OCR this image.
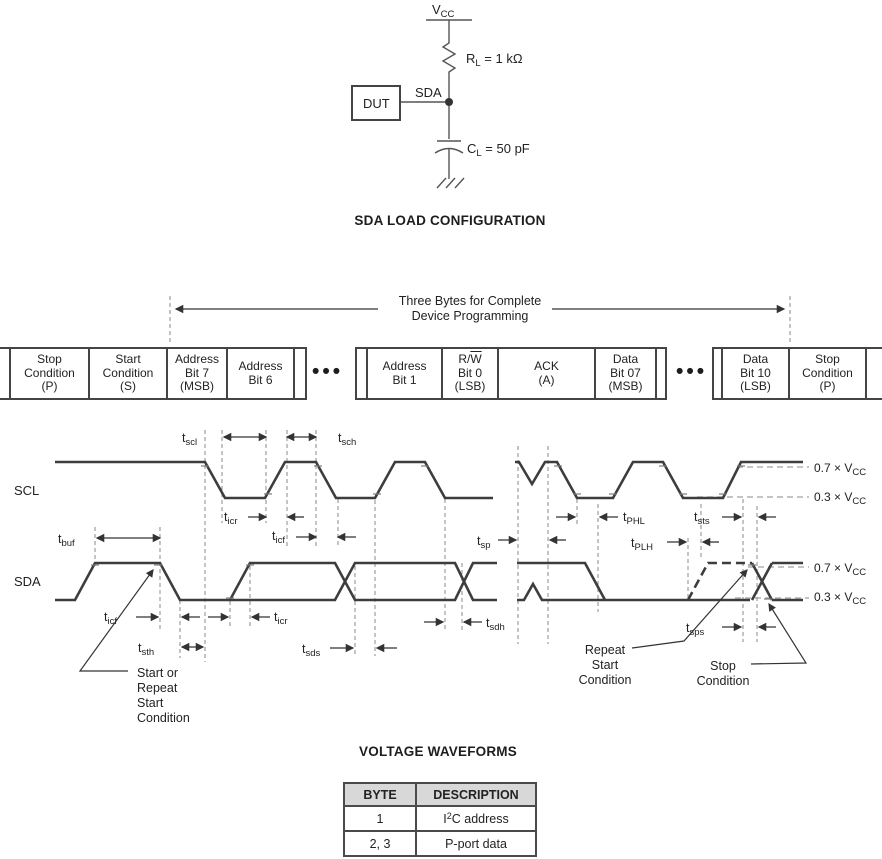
$V_{CC}$
$R_L = 1$ kΩ
SDA
DUT
$C_L = 50$ pF
SCL
SDA
$t_{scl}$	$t_{sch}$
$t_{icr}$
$t_{icf}$
$t_{buf}$
$t_{icf}$	$t_{icr}$
$t_{sth}$	$t_{sds}$
$t_{sdh}$
$t_{sp}$
$t_{PHL}$
$t_{PLH}$
$t_{sts}$
$t_{sps}$
$0.7 \times V_{CC}$
$0.3 \times V_{CC}$
$0.7 \times V_{CC}$
$0.3 \times V_{CC}$
SDA LOAD CONFIGURATION
Three Bytes for Complete
Device Programming
Stop
Condition
(P)
Start
Condition
(S)
Address
Bit 7
(MSB)
Address
Bit 6 •••	Address
Bit 1
$R/\overline{W}$
Bit 0
(LSB)
ACK
(A)
Data
Bit 07
(MSB)
•••
Data
Bit 10
(LSB)
Stop
Condition
(P)
Start or
Repeat
Start
Condition
Repeat
Start
Condition
Stop
Condition
VOLTAGE WAVEFORMS
BYTE	DESCRIPTION
1	$I^2C$ address
2, 3	P-port data
